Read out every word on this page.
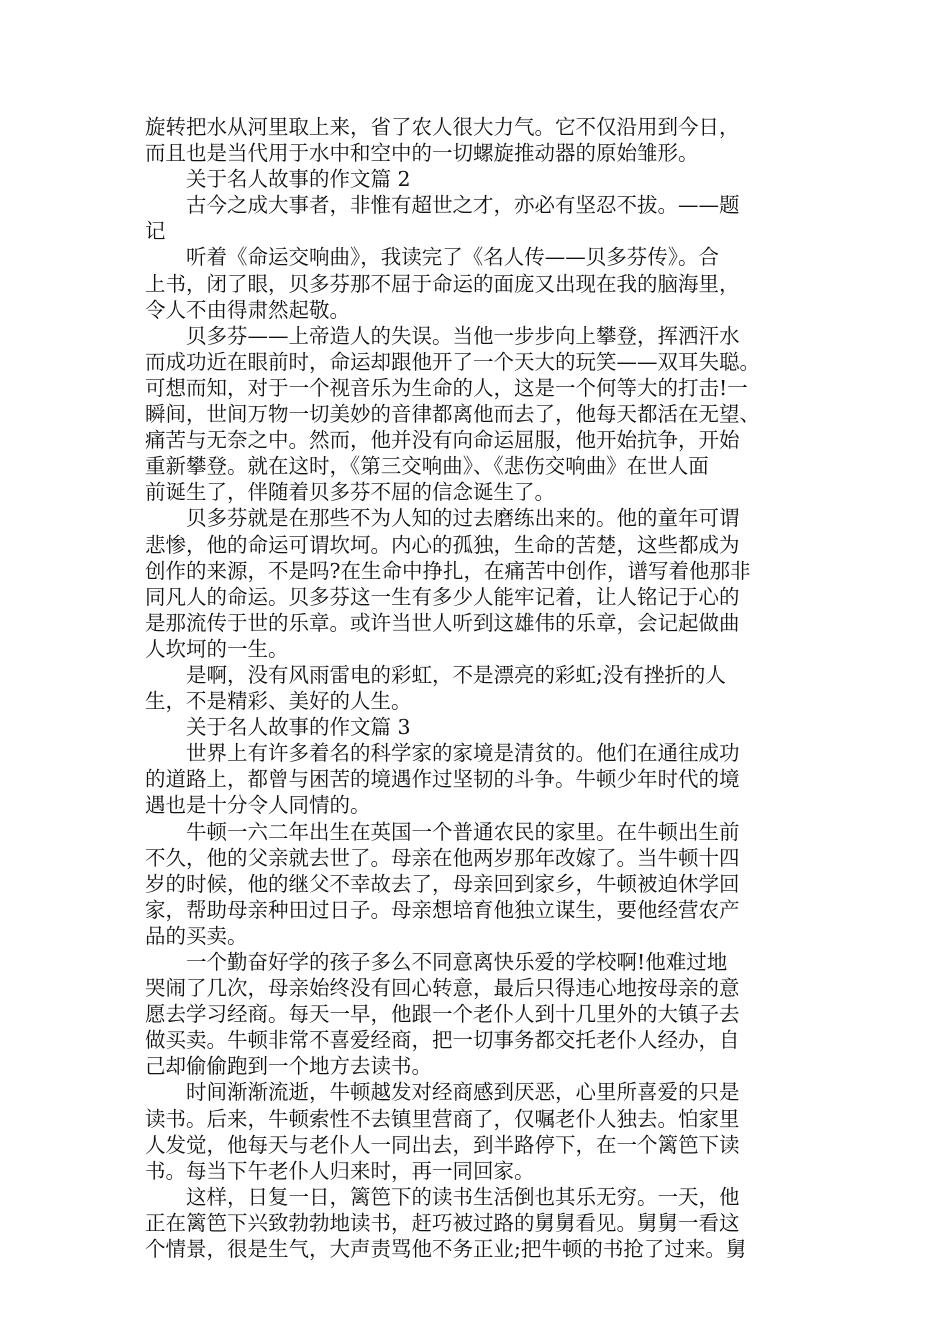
旋转把水从河里取上来，省了农人很大力气。它不仅沿用到今日，

而且也是当代用于水中和空中的一切螺旋推动器的原始雏形。

　　关于名人故事的作文篇 2

　　古今之成大事者，非惟有超世之才，亦必有坚忍不拔。——题

记

　　听着《命运交响曲》，我读完了《名人传——贝多芬传》。合

上书，闭了眼，贝多芬那不屈于命运的面庞又出现在我的脑海里，

令人不由得肃然起敬。

　　贝多芬——上帝造人的失误。当他一步步向上攀登，挥洒汗水

而成功近在眼前时，命运却跟他开了一个天大的玩笑——双耳失聪。

可想而知，对于一个视音乐为生命的人，这是一个何等大的打击!一

瞬间，世间万物一切美妙的音律都离他而去了，他每天都活在无望、

痛苦与无奈之中。然而，他并没有向命运屈服，他开始抗争，开始

重新攀登。就在这时，《第三交响曲》、《悲伤交响曲》在世人面

前诞生了，伴随着贝多芬不屈的信念诞生了。

　　贝多芬就是在那些不为人知的过去磨练出来的。他的童年可谓

悲惨，他的命运可谓坎坷。内心的孤独，生命的苦楚，这些都成为

创作的来源，不是吗?在生命中挣扎，在痛苦中创作，谱写着他那非

同凡人的命运。贝多芬这一生有多少人能牢记着，让人铭记于心的

是那流传于世的乐章。或许当世人听到这雄伟的乐章，会记起做曲

人坎坷的一生。

　　是啊，没有风雨雷电的彩虹，不是漂亮的彩虹;没有挫折的人

生，不是精彩、美好的人生。

　　关于名人故事的作文篇 3

　　世界上有许多着名的科学家的家境是清贫的。他们在通往成功

的道路上，都曾与困苦的境遇作过坚韧的斗争。牛顿少年时代的境

遇也是十分令人同情的。

　　牛顿一六二年出生在英国一个普通农民的家里。在牛顿出生前

不久，他的父亲就去世了。母亲在他两岁那年改嫁了。当牛顿十四

岁的时候，他的继父不幸故去了，母亲回到家乡，牛顿被迫休学回

家，帮助母亲种田过日子。母亲想培育他独立谋生，要他经营农产

品的买卖。

　　一个勤奋好学的孩子多么不同意离快乐爱的学校啊!他难过地

哭闹了几次，母亲始终没有回心转意，最后只得违心地按母亲的意

愿去学习经商。每天一早，他跟一个老仆人到十几里外的大镇子去

做买卖。牛顿非常不喜爱经商，把一切事务都交托老仆人经办，自

己却偷偷跑到一个地方去读书。

　　时间渐渐流逝，牛顿越发对经商感到厌恶，心里所喜爱的只是

读书。后来，牛顿索性不去镇里营商了，仅嘱老仆人独去。怕家里

人发觉，他每天与老仆人一同出去，到半路停下，在一个篱笆下读

书。每当下午老仆人归来时，再一同回家。

　　这样，日复一日，篱笆下的读书生活倒也其乐无穷。一天，他

正在篱笆下兴致勃勃地读书，赶巧被过路的舅舅看见。舅舅一看这

个情景，很是生气，大声责骂他不务正业;把牛顿的书抢了过来。舅
